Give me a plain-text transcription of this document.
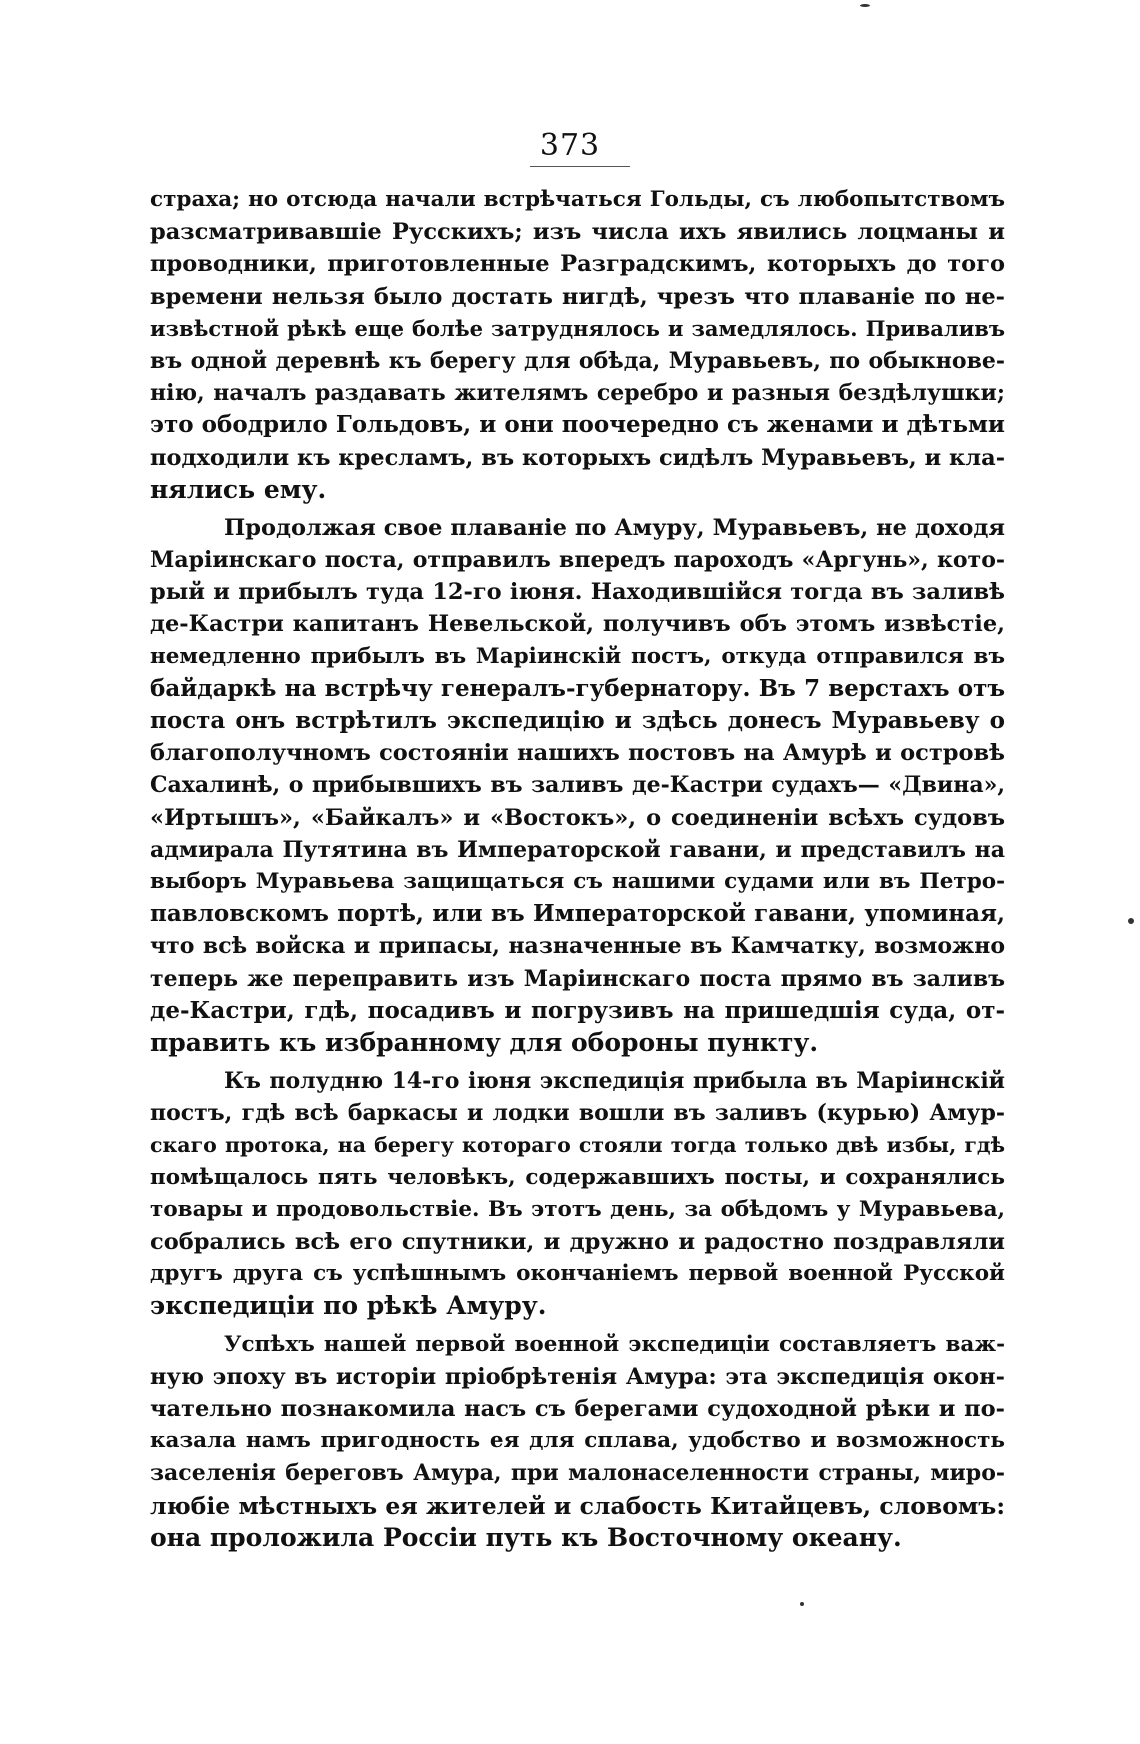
373
страха; но отсюда начали встрѣчаться Гольды, съ любопытствомъ
разсматривавшіе Русскихъ; изъ числа ихъ явились лоцманы и
проводники, приготовленные Разградскимъ, которыхъ до того
времени нельзя было достать нигдѣ, чрезъ что плаваніе по не-
извѣстной рѣкѣ еще болѣе затруднялось и замедлялось. Приваливъ
въ одной деревнѣ къ берегу для обѣда, Муравьевъ, по обыкнове-
нію, началъ раздавать жителямъ серебро и разныя бездѣлушки;
это ободрило Гольдовъ, и они поочередно съ женами и дѣтьми
подходили къ кресламъ, въ которыхъ сидѣлъ Муравьевъ, и кла-
нялись ему.
Продолжая свое плаваніе по Амуру, Муравьевъ, не доходя
Маріинскаго поста, отправилъ впередъ пароходъ «Аргунь», кото-
рый и прибылъ туда 12-го іюня. Находившійся тогда въ заливѣ
де-Кастри капитанъ Невельской, получивъ объ этомъ извѣстіе,
немедленно прибылъ въ Маріинскій постъ, откуда отправился въ
байдаркѣ на встрѣчу генералъ-губернатору. Въ 7 верстахъ отъ
поста онъ встрѣтилъ экспедицію и здѣсь донесъ Муравьеву о
благополучномъ состояніи нашихъ постовъ на Амурѣ и островѣ
Сахалинѣ, о прибывшихъ въ заливъ де-Кастри судахъ— «Двина»,
«Иртышъ», «Байкалъ» и «Востокъ», о соединеніи всѣхъ судовъ
адмирала Путятина въ Императорской гавани, и представилъ на
выборъ Муравьева защищаться съ нашими судами или въ Петро-
павловскомъ портѣ, или въ Императорской гавани, упоминая,
что всѣ войска и припасы, назначенные въ Камчатку, возможно
теперь же переправить изъ Маріинскаго поста прямо въ заливъ
де-Кастри, гдѣ, посадивъ и погрузивъ на пришедшія суда, от-
править къ избранному для обороны пункту.
Къ полудню 14-го іюня экспедиція прибыла въ Маріинскій
постъ, гдѣ всѣ баркасы и лодки вошли въ заливъ (курью) Амур-
скаго протока, на берегу котораго стояли тогда только двѣ избы, гдѣ
помѣщалось пять человѣкъ, содержавшихъ посты, и сохранялись
товары и продовольствіе. Въ этотъ день, за обѣдомъ у Муравьева,
собрались всѣ его спутники, и дружно и радостно поздравляли
другъ друга съ успѣшнымъ окончаніемъ первой военной Русской
экспедиціи по рѣкѣ Амуру.
Успѣхъ нашей первой военной экспедиціи составляетъ важ-
ную эпоху въ исторіи пріобрѣтенія Амура: эта экспедиція окон-
чательно познакомила насъ съ берегами судоходной рѣки и по-
казала намъ пригодность ея для сплава, удобство и возможность
заселенія береговъ Амура, при малонаселенности страны, миро-
любіе мѣстныхъ ея жителей и слабость Китайцевъ, словомъ:
она проложила Россіи путь къ Восточному океану.
